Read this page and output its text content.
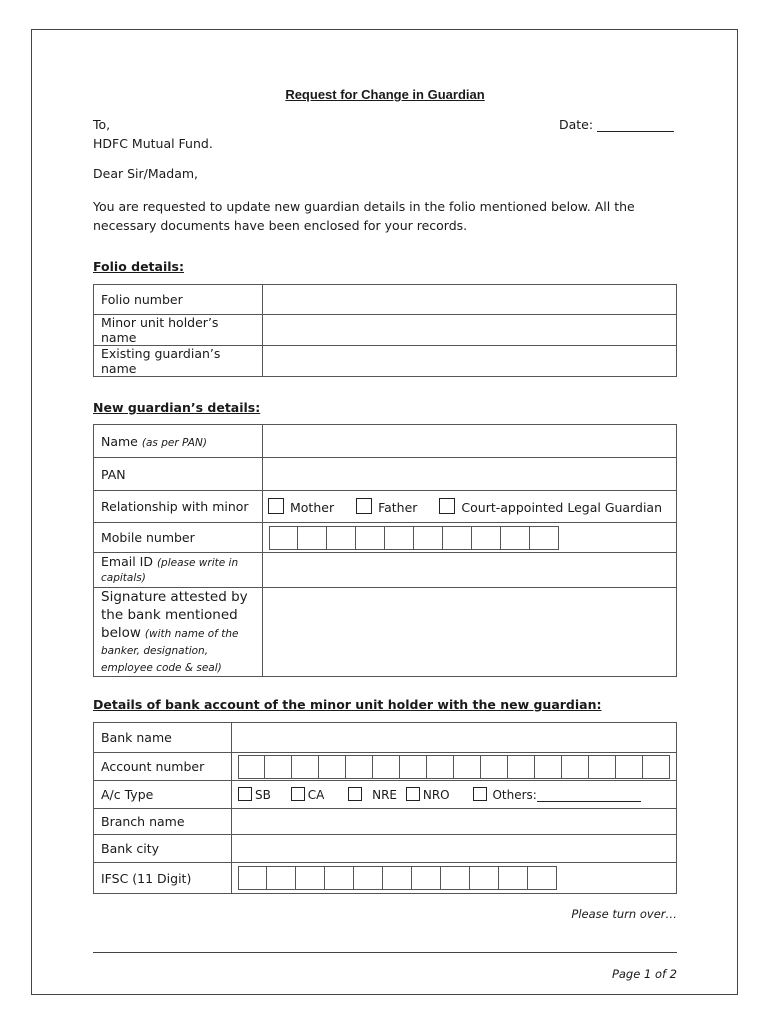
Request for Change in Guardian
To,
HDFC Mutual Fund.
Date:
Dear Sir/Madam,
You are requested to update new guardian details in the folio mentioned below. All the necessary documents have been enclosed for your records.
Folio details:
Folio number	
Minor unit holder’s name	
Existing guardian’s name	
New guardian’s details:
Name (as per PAN)	
PAN	
Relationship with minor	Mother Father Court-appointed Legal Guardian
Mobile number	

Email ID (please write in capitals)	
Signature attested by the bank mentioned below (with name of the banker, designation, employee code & seal)	
Details of bank account of the minor unit holder with the new guardian:
Bank name	
Account number	

A/c Type	SB CA NRE NRO Others:
Branch name	
Bank city	
IFSC (11 Digit)	
Please turn over…
Page 1 of 2
